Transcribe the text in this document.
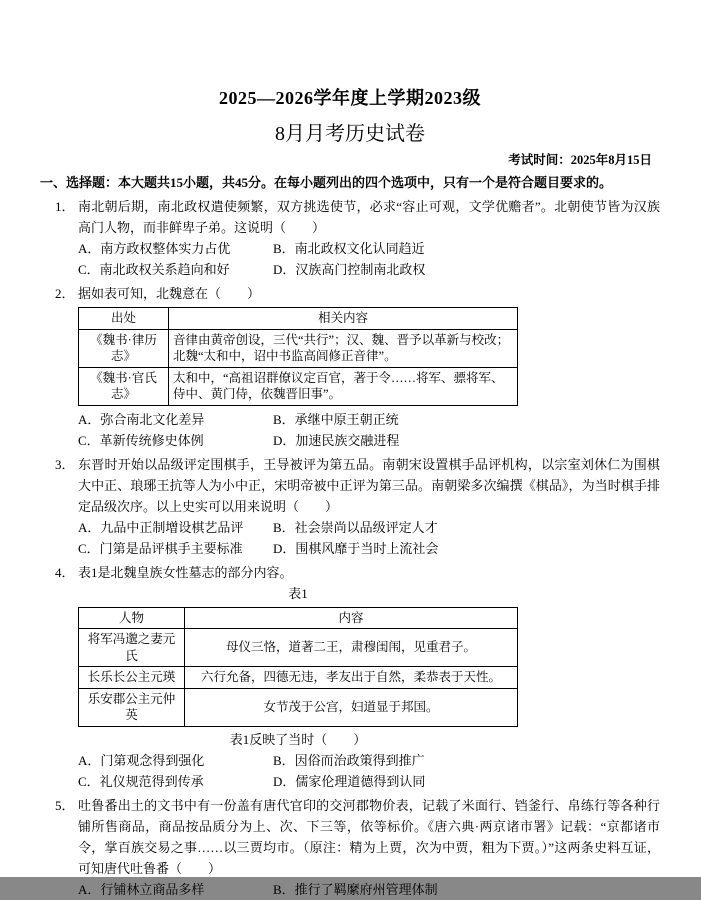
2025—2026学年度上学期2023级
8月月考历史试卷
考试时间：2025年8月15日
一、选择题：本大题共15小题，共45分。在每小题列出的四个选项中，只有一个是符合题目要求的。
1． 南北朝后期，南北政权遣使频繁，双方挑选使节，必求“容止可观，文学优赡者”。北朝使节皆为汉族高门人物，而非鲜卑子弟。这说明（　　）
A．南方政权整体实力占优	B．南北政权文化认同趋近
C．南北政权关系趋向和好	D．汉族高门控制南北政权
2． 据如表可知，北魏意在（　　）
出处	相关内容
《魏书·律历志》	音律由黄帝创设，三代“共行”；汉、魏、晋予以革新与校改；北魏“太和中，诏中书监高闾修正音律”。
《魏书·官氏志》	太和中，“高祖诏群僚议定百官，著于令……将军、骠将军、侍中、黄门侍，依魏晋旧事”。
A．弥合南北文化差异	B．承继中原王朝正统
C．革新传统修史体例	D．加速民族交融进程
3． 东晋时开始以品级评定围棋手，王导被评为第五品。南朝宋设置棋手品评机构，以宗室刘休仁为围棋大中正、琅琊王抗等人为小中正，宋明帝被中正评为第三品。南朝梁多次编撰《棋品》，为当时棋手排定品级次序。以上史实可以用来说明（　　）
A．九品中正制增设棋艺品评	B．社会崇尚以品级评定人才
C．门第是品评棋手主要标准	D．围棋风靡于当时上流社会
4． 表1是北魏皇族女性墓志的部分内容。
表1
人物	内容
将军冯邈之妻元氏	母仪三恪，道著二王，肃穆闺闱，见重君子。
长乐长公主元瑛	六行允备，四德无违，孝友出于自然，柔恭表于天性。
乐安郡公主元仲英	女节茂于公宫，妇道显于邦国。
表1反映了当时（　　）
A．门第观念得到强化	B．因俗而治政策得到推广
C．礼仪规范得到传承	D．儒家伦理道德得到认同
5． 吐鲁番出土的文书中有一份盖有唐代官印的交河郡物价表，记载了米面行、铛釜行、帛练行等各种行铺所售商品，商品按品质分为上、次、下三等，依等标价。《唐六典·两京诸市署》记载：“京都诸市令，掌百族交易之事……以三贾均市。（原注：精为上贾，次为中贾，粗为下贾。）”这两条史料互证，可知唐代吐鲁番（　　）
A．行铺林立商品多样	B．推行了羁縻府州管理体制
